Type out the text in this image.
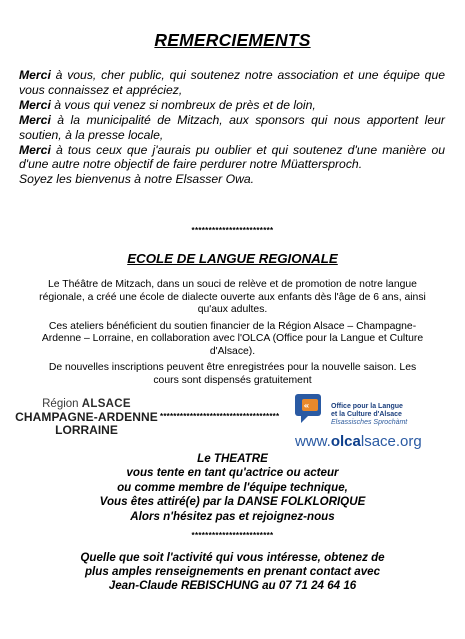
REMERCIEMENTS

Merci à vous, cher public, qui soutenez notre association et une équipe que vous connaissez et appréciez,

Merci à vous qui venez si nombreux de près et de loin,

Merci à la municipalité de Mitzach, aux sponsors qui nous apportent leur soutien, à la presse locale,

Merci à tous ceux que j'aurais pu oublier et qui soutenez d'une manière ou d'une autre notre objectif de faire perdurer notre Müattersproch.

Soyez les bienvenus à notre Elsasser Owa.

************************
ECOLE DE LANGUE REGIONALE

Le Théâtre de Mitzach, dans un souci de relève et de promotion de notre langue régionale, a créé une école de dialecte ouverte aux enfants dès l'âge de 6 ans, ainsi qu'aux adultes.

Ces ateliers bénéficient du soutien financier de la Région Alsace – Champagne-Ardenne – Lorraine, en collaboration avec l'OLCA (Office pour la Langue et Culture d'Alsace).

De nouvelles inscriptions peuvent être enregistrées pour la nouvelle saison. Les cours sont dispensés gratuitement

Région ALSACE
CHAMPAGNE-ARDENNE
LORRAINE
************************************
«	Office pour la Langue
et la Culture d'Alsace
Elsassisches Sprochàmt
www.olcalsace.org

Le THEATRE

vous tente en tant qu'actrice ou acteur

ou comme membre de l'équipe technique,

Vous êtes attiré(e) par la DANSE FOLKLORIQUE

Alors n'hésitez pas et rejoignez-nous

************************

Quelle que soit l'activité qui vous intéresse, obtenez de

plus amples renseignements en prenant contact avec

Jean-Claude REBISCHUNG au 07 71 24 64 16
